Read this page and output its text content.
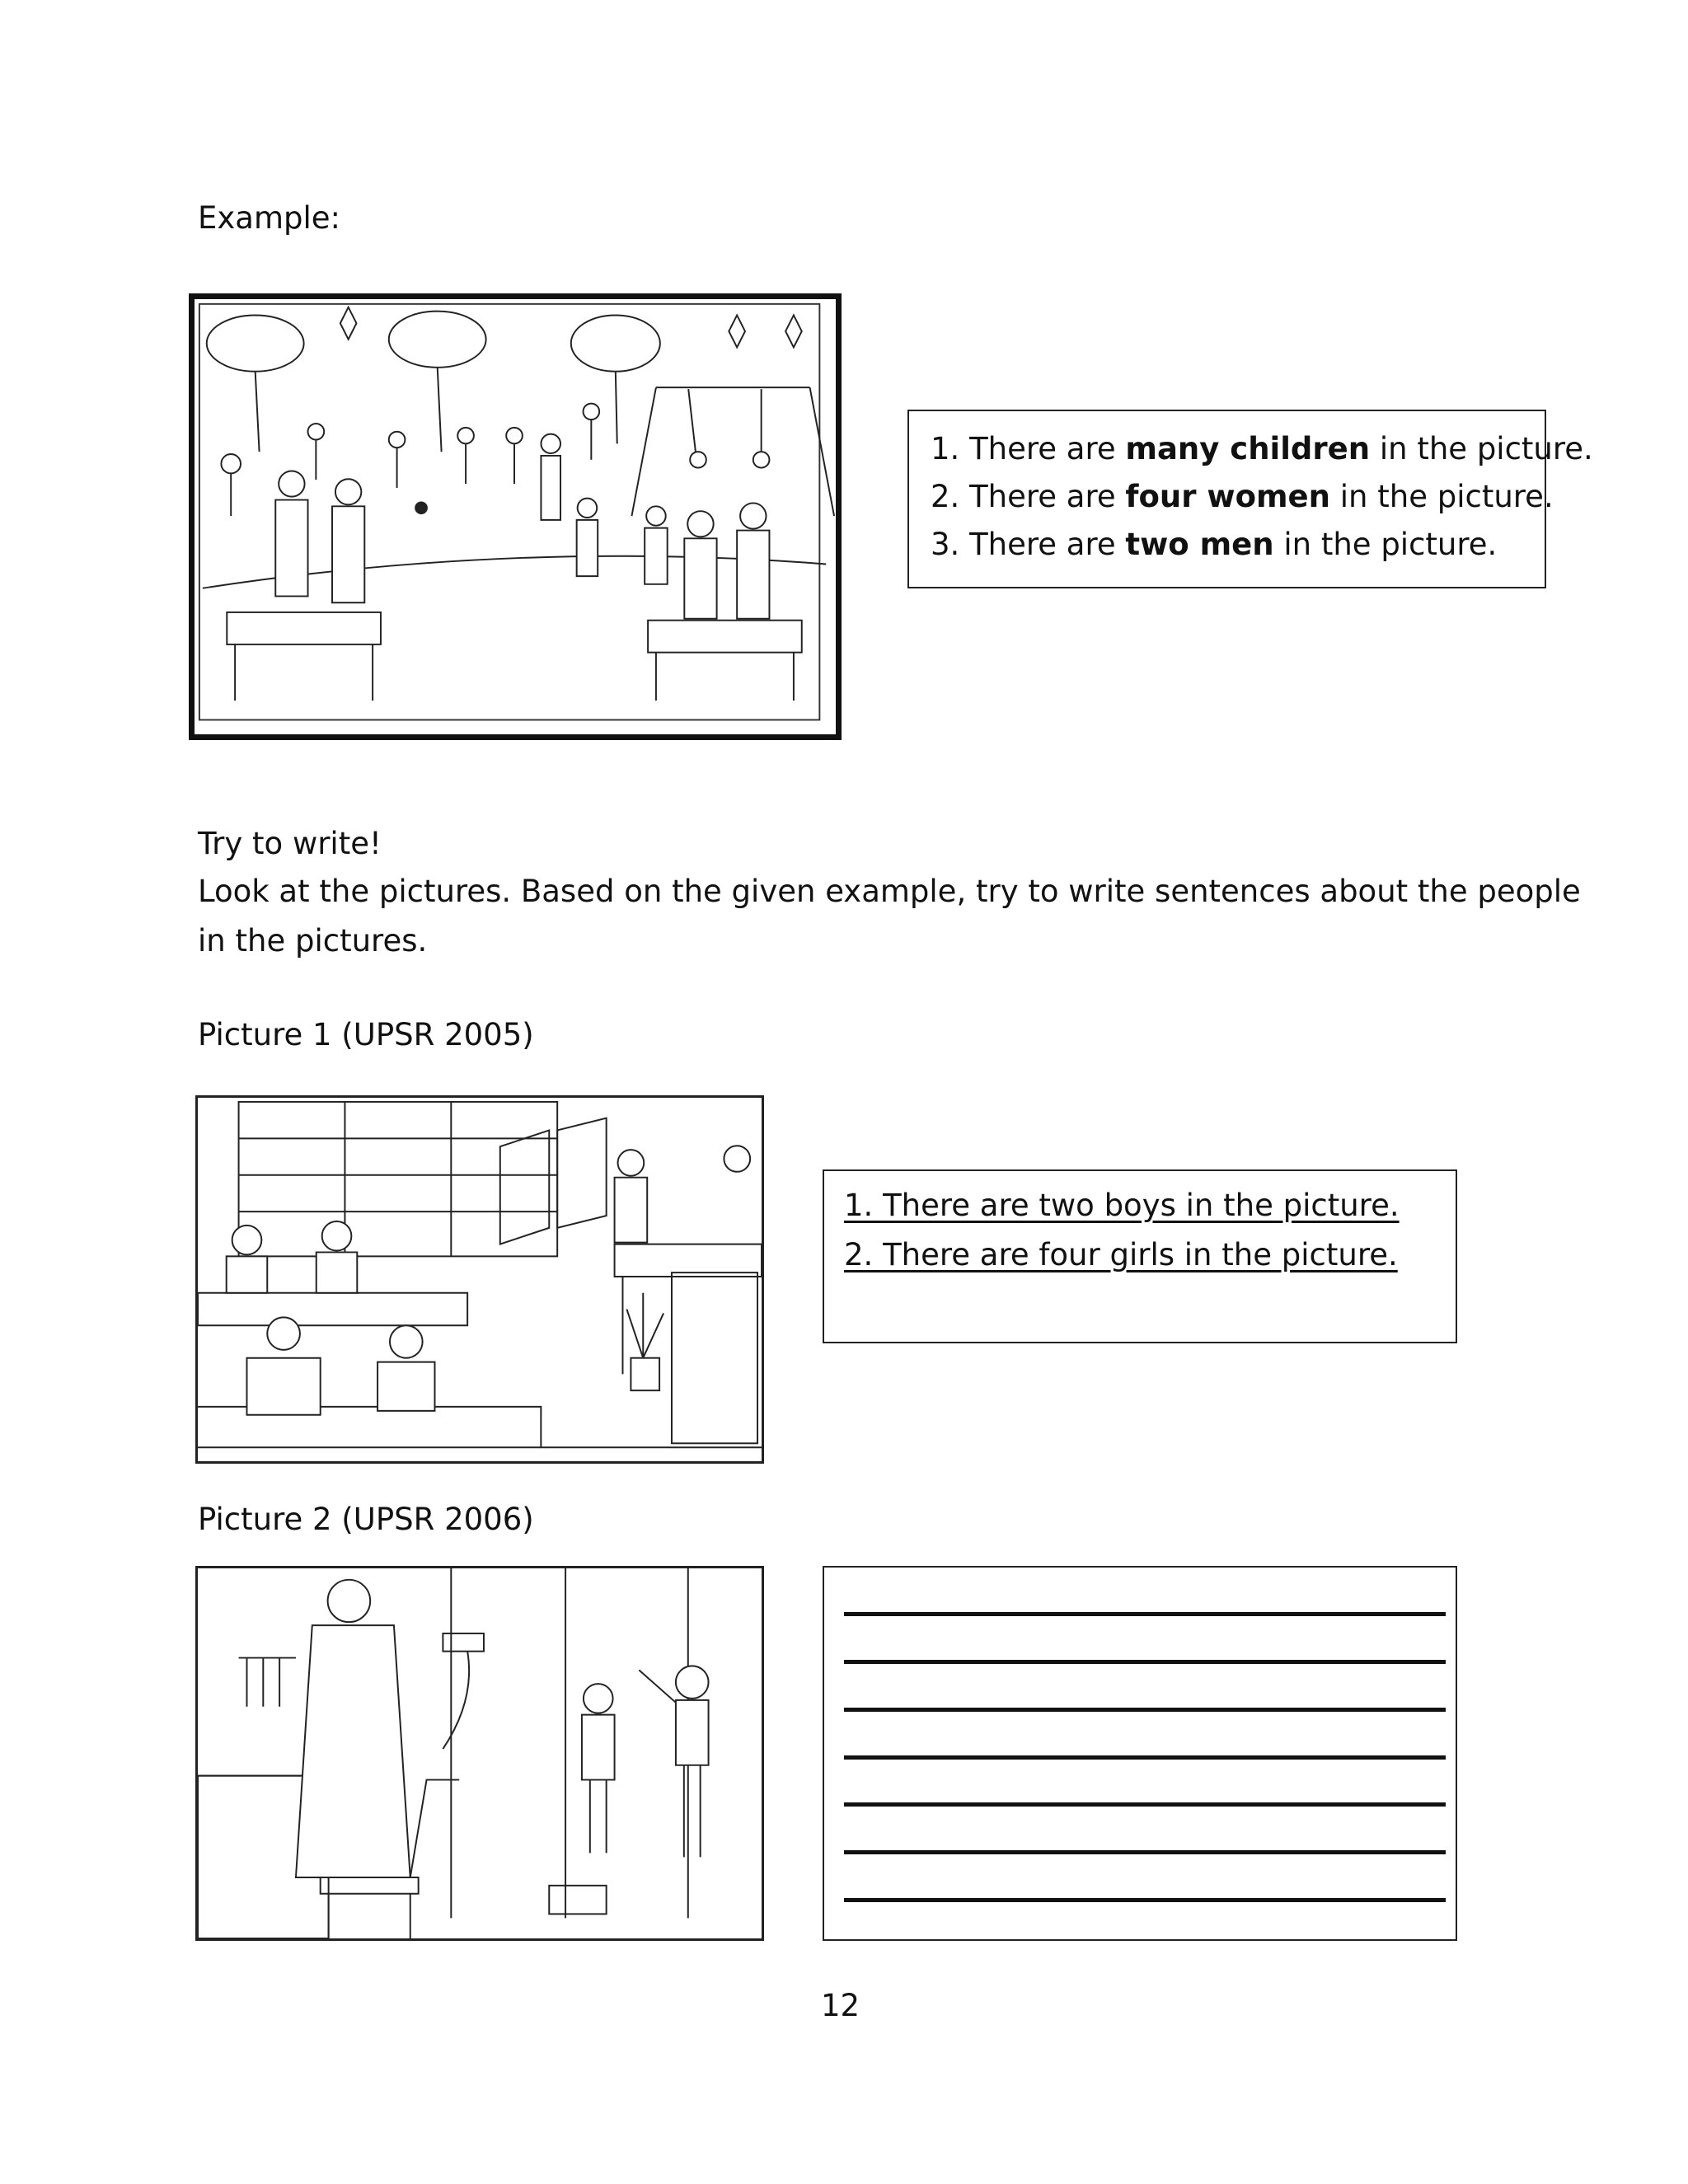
Example:
1. There are many children in the picture.
2. There are four women in the picture.
3. There are two men in the picture.
Try to write!
Look at the pictures. Based on the given example, try to write sentences about the people
in the pictures.
Picture 1 (UPSR 2005)
1. There are two boys in the picture.
2. There are four girls in the picture.
Picture 2 (UPSR 2006)
12
